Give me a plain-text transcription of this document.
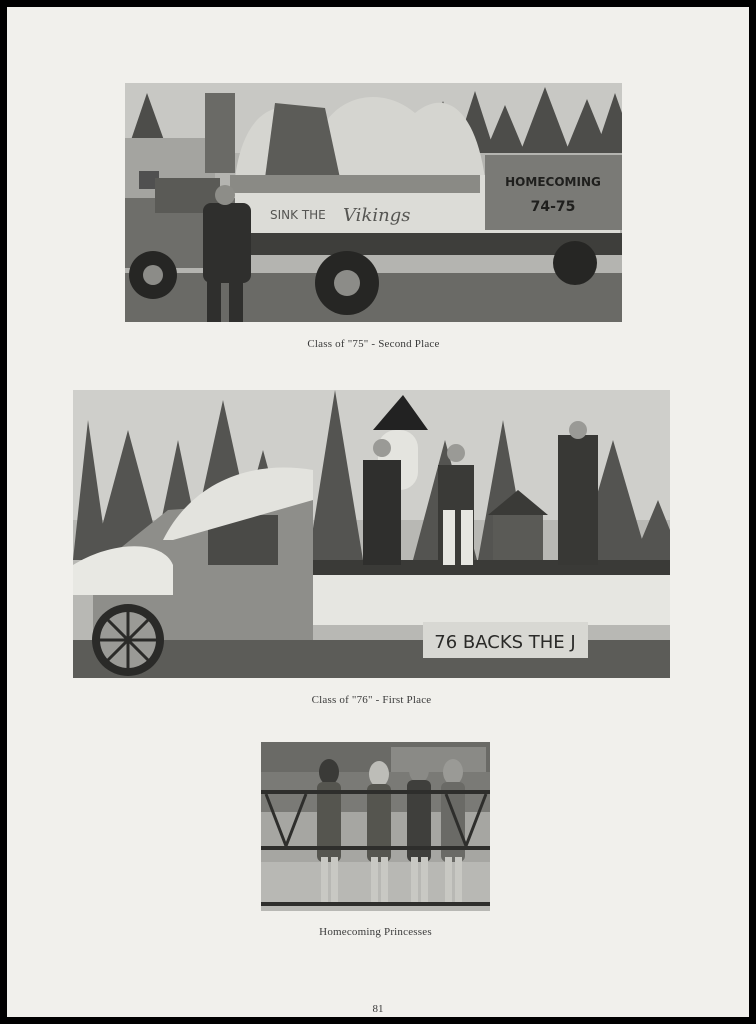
SINK THE Vikings
HOMECOMING
74-75
Class of "75" - Second Place
76 BACKS THE J
Class of "76" - First Place
Homecoming Princesses
81
